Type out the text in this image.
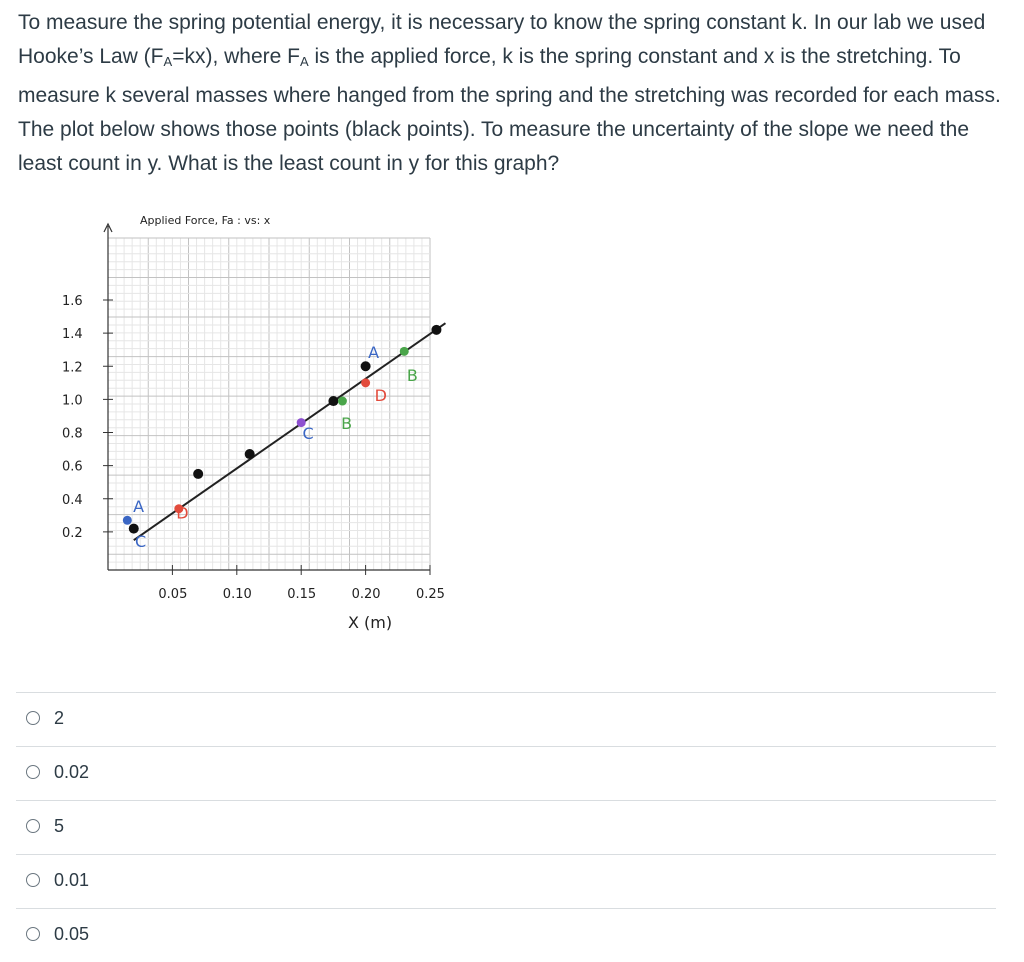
To measure the spring potential energy, it is necessary to know the spring constant k. In our lab we used Hooke’s Law $(F_A=kx)$, where $F_A$ is the applied force, k is the spring constant and x is the stretching. To measure k several masses where hanged from the spring and the stretching was recorded for each mass. The plot below shows those points (black points). To measure the uncertainty of the slope we need the least count in y. What is the least count in y for this graph?
A
C
D
C
B
A
D
B
0.2
0.4
0.6
0.8
1.0
1.2
1.4
1.6
0.05	0.10	0.15	0.20	0.25
Applied Force, Fa : vs: x
X (m)
2
0.02
5
0.01
0.05
